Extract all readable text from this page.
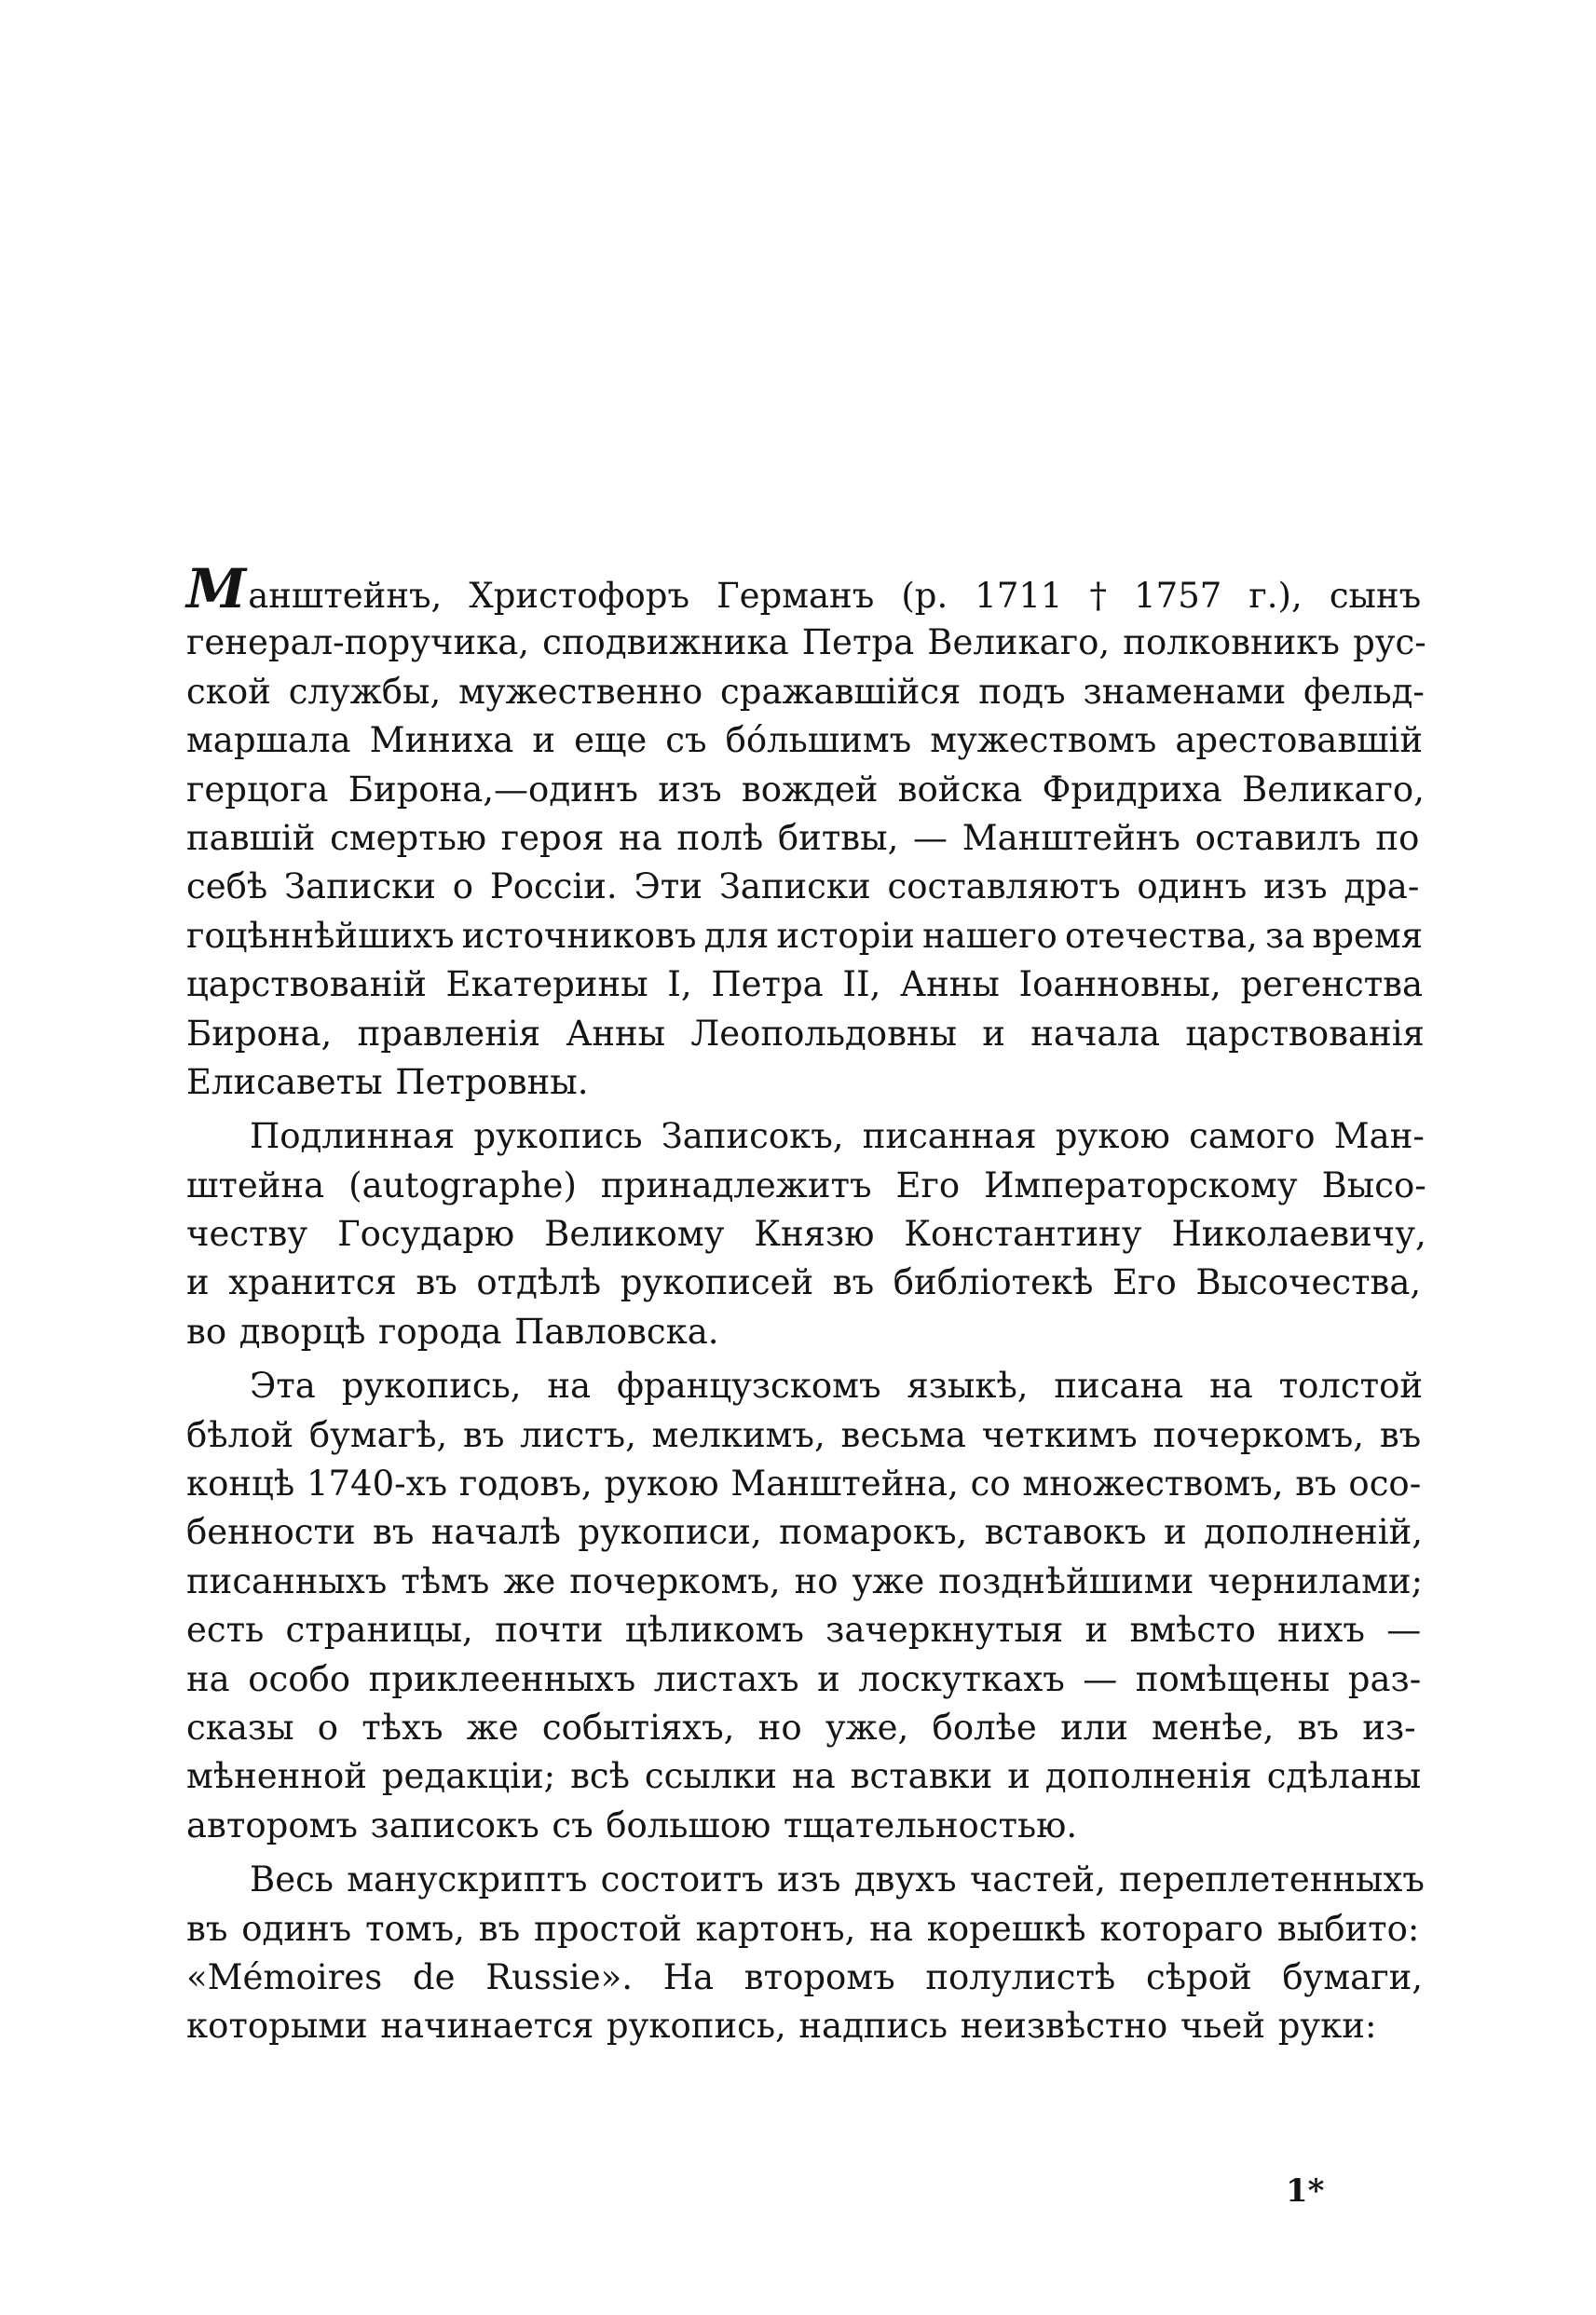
Манштейнъ, Христофоръ Германъ (р. 1711 † 1757 г.), сынъ
генерал-поручика, сподвижника Петра Великаго, полковникъ рус-
ской службы, мужественно сражавшійся подъ знаменами фельд-
маршала Миниха и еще съ бо́льшимъ мужествомъ арестовавшій
герцога Бирона,—одинъ изъ вождей войска Фридриха Великаго,
павшій смертью героя на полѣ битвы, — Манштейнъ оставилъ по
себѣ Записки о Россіи. Эти Записки составляютъ одинъ изъ дра-
гоцѣннѣйшихъ источниковъ для исторіи нашего отечества, за время
царствованій Екатерины I, Петра II, Анны Іоанновны, регенства
Бирона, правленія Анны Леопольдовны и начала царствованія
Елисаветы Петровны.
Подлинная рукопись Записокъ, писанная рукою самого Ман-
штейна (autographe) принадлежитъ Его Императорскому Высо-
честву Государю Великому Князю Константину Николаевичу,
и хранится въ отдѣлѣ рукописей въ библіотекѣ Его Высочества,
во дворцѣ города Павловска.
Эта рукопись, на французскомъ языкѣ, писана на толстой
бѣлой бумагѣ, въ листъ, мелкимъ, весьма четкимъ почеркомъ, въ
концѣ 1740-хъ годовъ, рукою Манштейна, со множествомъ, въ осо-
бенности въ началѣ рукописи, помарокъ, вставокъ и дополненій,
писанныхъ тѣмъ же почеркомъ, но уже позднѣйшими чернилами;
есть страницы, почти цѣликомъ зачеркнутыя и вмѣсто нихъ —
на особо приклеенныхъ листахъ и лоскуткахъ — помѣщены раз-
сказы о тѣхъ же событіяхъ, но уже, болѣе или менѣе, въ из-
мѣненной редакціи; всѣ ссылки на вставки и дополненія сдѣланы
авторомъ записокъ съ большою тщательностью.
Весь манускриптъ состоитъ изъ двухъ частей, переплетенныхъ
въ одинъ томъ, въ простой картонъ, на корешкѣ котораго выбито:
«Mémoires de Russie». На второмъ полулистѣ сѣрой бумаги,
которыми начинается рукопись, надпись неизвѣстно чьей руки:
1*
